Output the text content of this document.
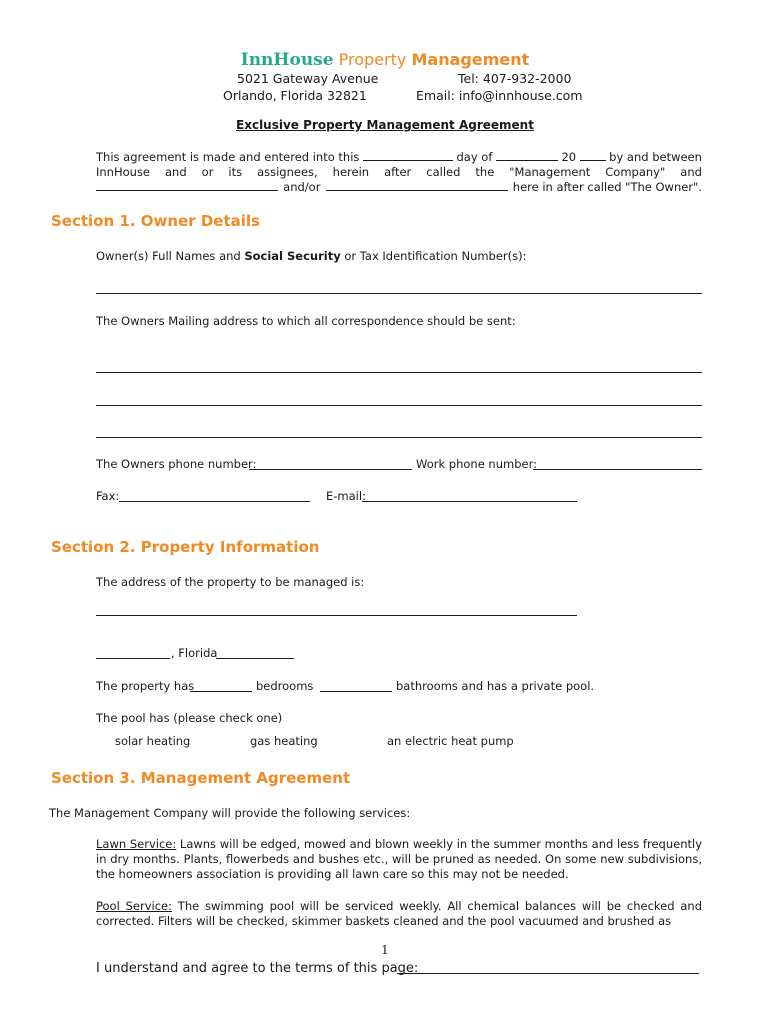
InnHouse Property Management
5021 Gateway Avenue
Orlando, Florida 32821
Tel: 407-932-2000
Email: info@innhouse.com
Exclusive Property Management Agreement
This agreement is made and entered into this	day of	20	by and between
InnHouse and or its assignees, herein after called the "Management Company" and
and/or	here in after called "The Owner".
Section 1. Owner Details
Owner(s) Full Names and Social Security or Tax Identification Number(s):
The Owners Mailing address to which all correspondence should be sent:
The Owners phone number:	Work phone number:
Fax:	E-mail:
Section 2. Property Information
The address of the property to be managed is:
, Florida
The property has	bedrooms	bathrooms and has a private pool.
The pool has (please check one)
solar heating	gas heating	an electric heat pump
Section 3. Management Agreement
The Management Company will provide the following services:
Lawn Service: Lawns will be edged, mowed and blown weekly in the summer months and less frequently in dry months. Plants, flowerbeds and bushes etc., will be pruned as needed. On some new subdivisions, the homeowners association is providing all lawn care so this may not be needed.
Pool Service: The swimming pool will be serviced weekly. All chemical balances will be checked and corrected. Filters will be checked, skimmer baskets cleaned and the pool vacuumed and brushed as
1
I understand and agree to the terms of this page:
